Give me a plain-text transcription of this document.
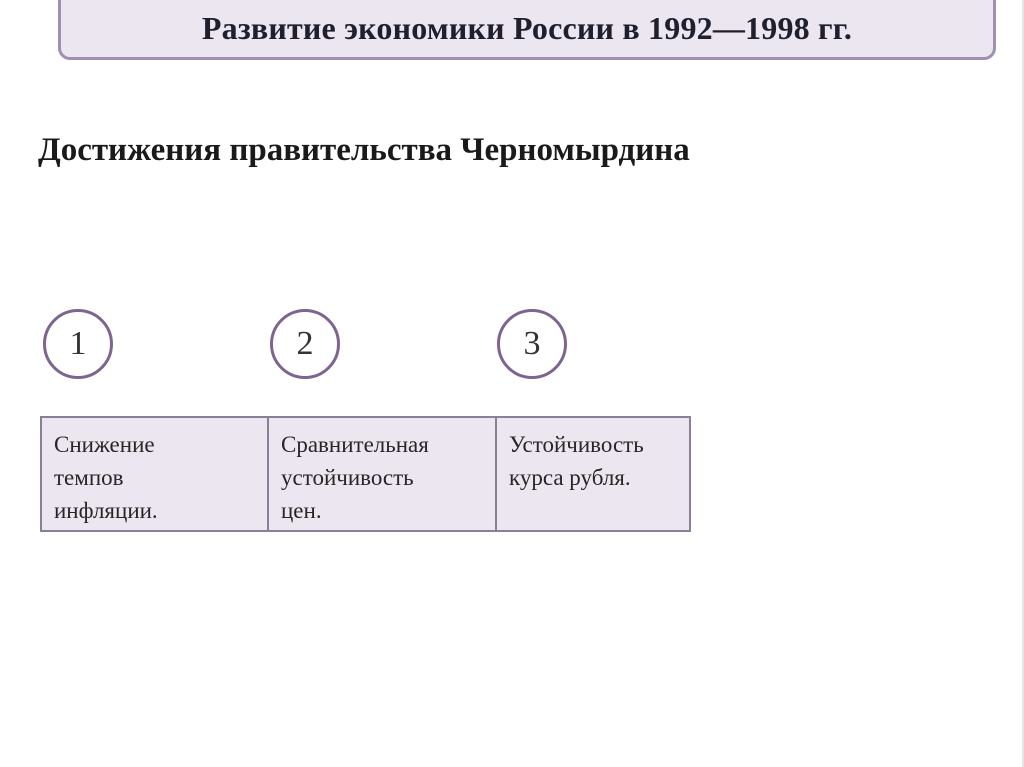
Развитие экономики России в 1992—1998 гг.
Достижения правительства Черномырдина
1	2	3
Снижение
темпов
инфляции.
Сравнительная
устойчивость
цен.
Устойчивость
курса рубля.
